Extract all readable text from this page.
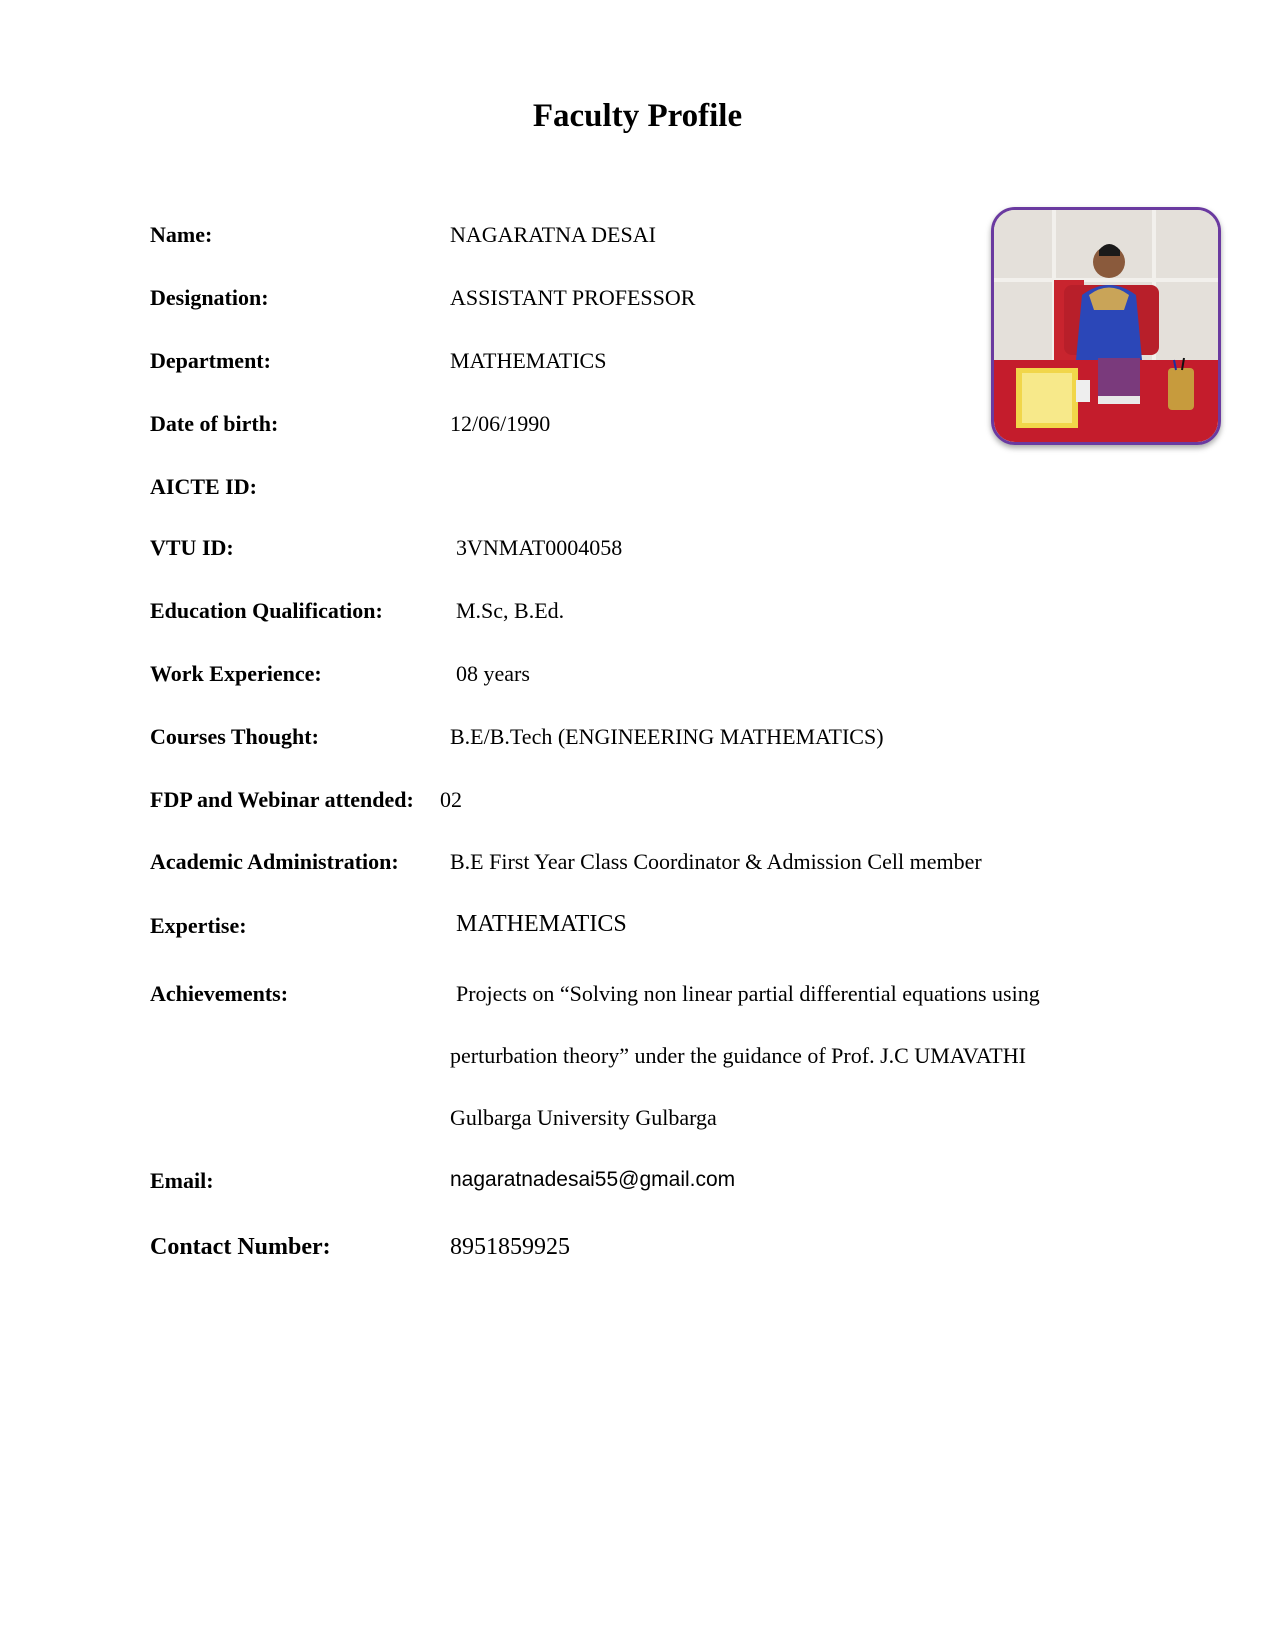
Faculty Profile
Name:	NAGARATNA DESAI
Designation:	ASSISTANT PROFESSOR
Department:	MATHEMATICS
Date of birth:	12/06/1990
AICTE ID:
VTU ID:	3VNMAT0004058
Education Qualification:	M.Sc, B.Ed.
Work Experience:	08 years
Courses Thought:	B.E/B.Tech (ENGINEERING MATHEMATICS)
FDP and Webinar attended: 02
Academic Administration: B.E First Year Class Coordinator & Admission Cell member
Expertise:	MATHEMATICS
Achievements:	Projects on “Solving non linear partial differential equations using
perturbation theory” under the guidance of Prof. J.C UMAVATHI
Gulbarga University Gulbarga
Email:	nagaratnadesai55@gmail.com
Contact Number:	8951859925
